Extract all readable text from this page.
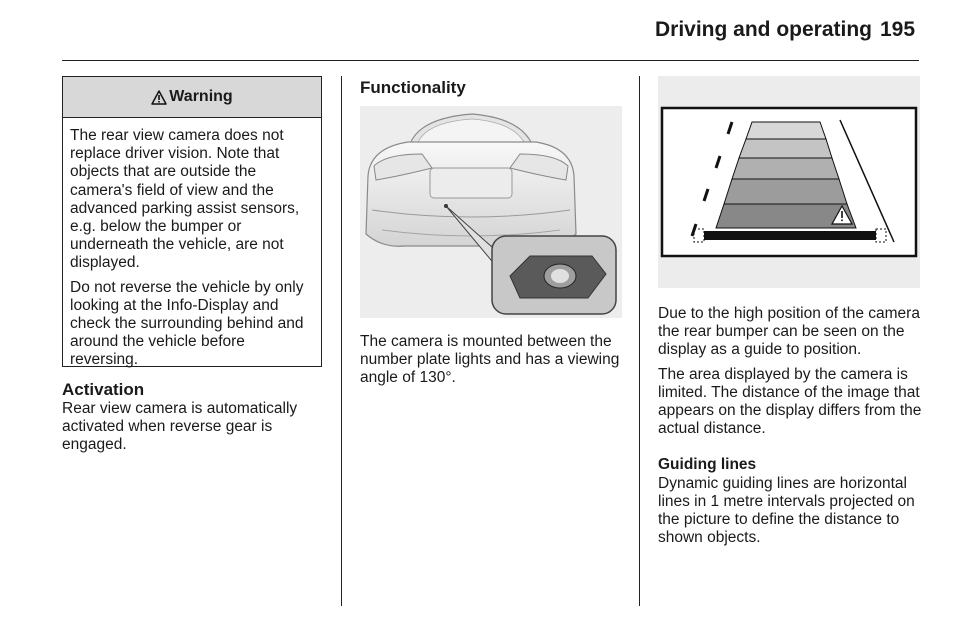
Driving and operating 195
Warning

The rear view camera does not replace driver vision. Note that objects that are outside the camera's field of view and the advanced parking assist sensors, e.g. below the bumper or underneath the vehicle, are not displayed.

Do not reverse the vehicle by only looking at the Info-Display and check the surrounding behind and around the vehicle before reversing.

Activation
Rear view camera is automatically activated when reverse gear is engaged.
Functionality
The camera is mounted between the number plate lights and has a viewing angle of 130°.

Due to the high position of the camera the rear bumper can be seen on the display as a guide to position.

The area displayed by the camera is limited. The distance of the image that appears on the display differs from the actual distance.

Guiding lines
Dynamic guiding lines are horizontal lines in 1 metre intervals projected on the picture to define the distance to shown objects.
